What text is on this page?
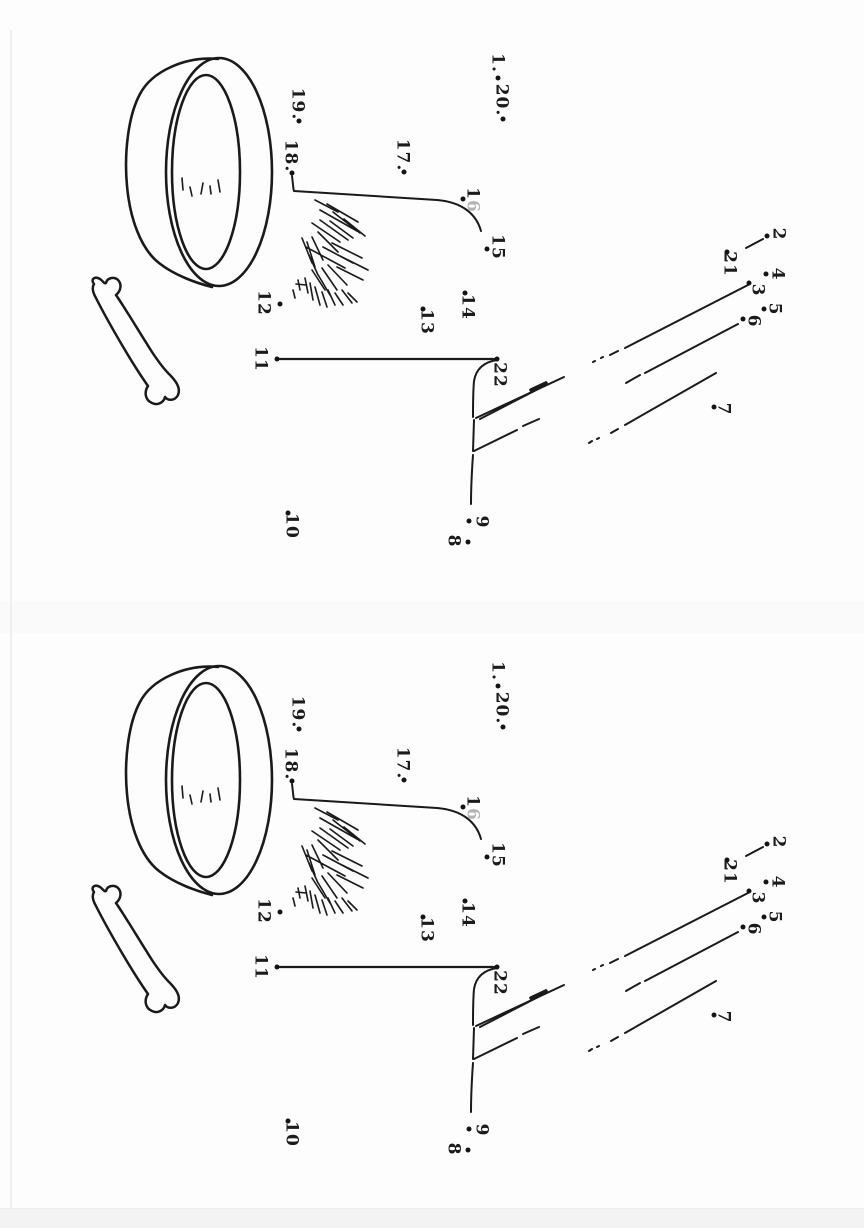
1.
20.
19.
18.	17.
16
15
14
13
12
11
22
21
2
4
3
5
6
7
9
8
10
1.
20.
19.
18.	17.
16
15
14
13
12
11
22
21
2
4
3
5
6
7
9
8
10
